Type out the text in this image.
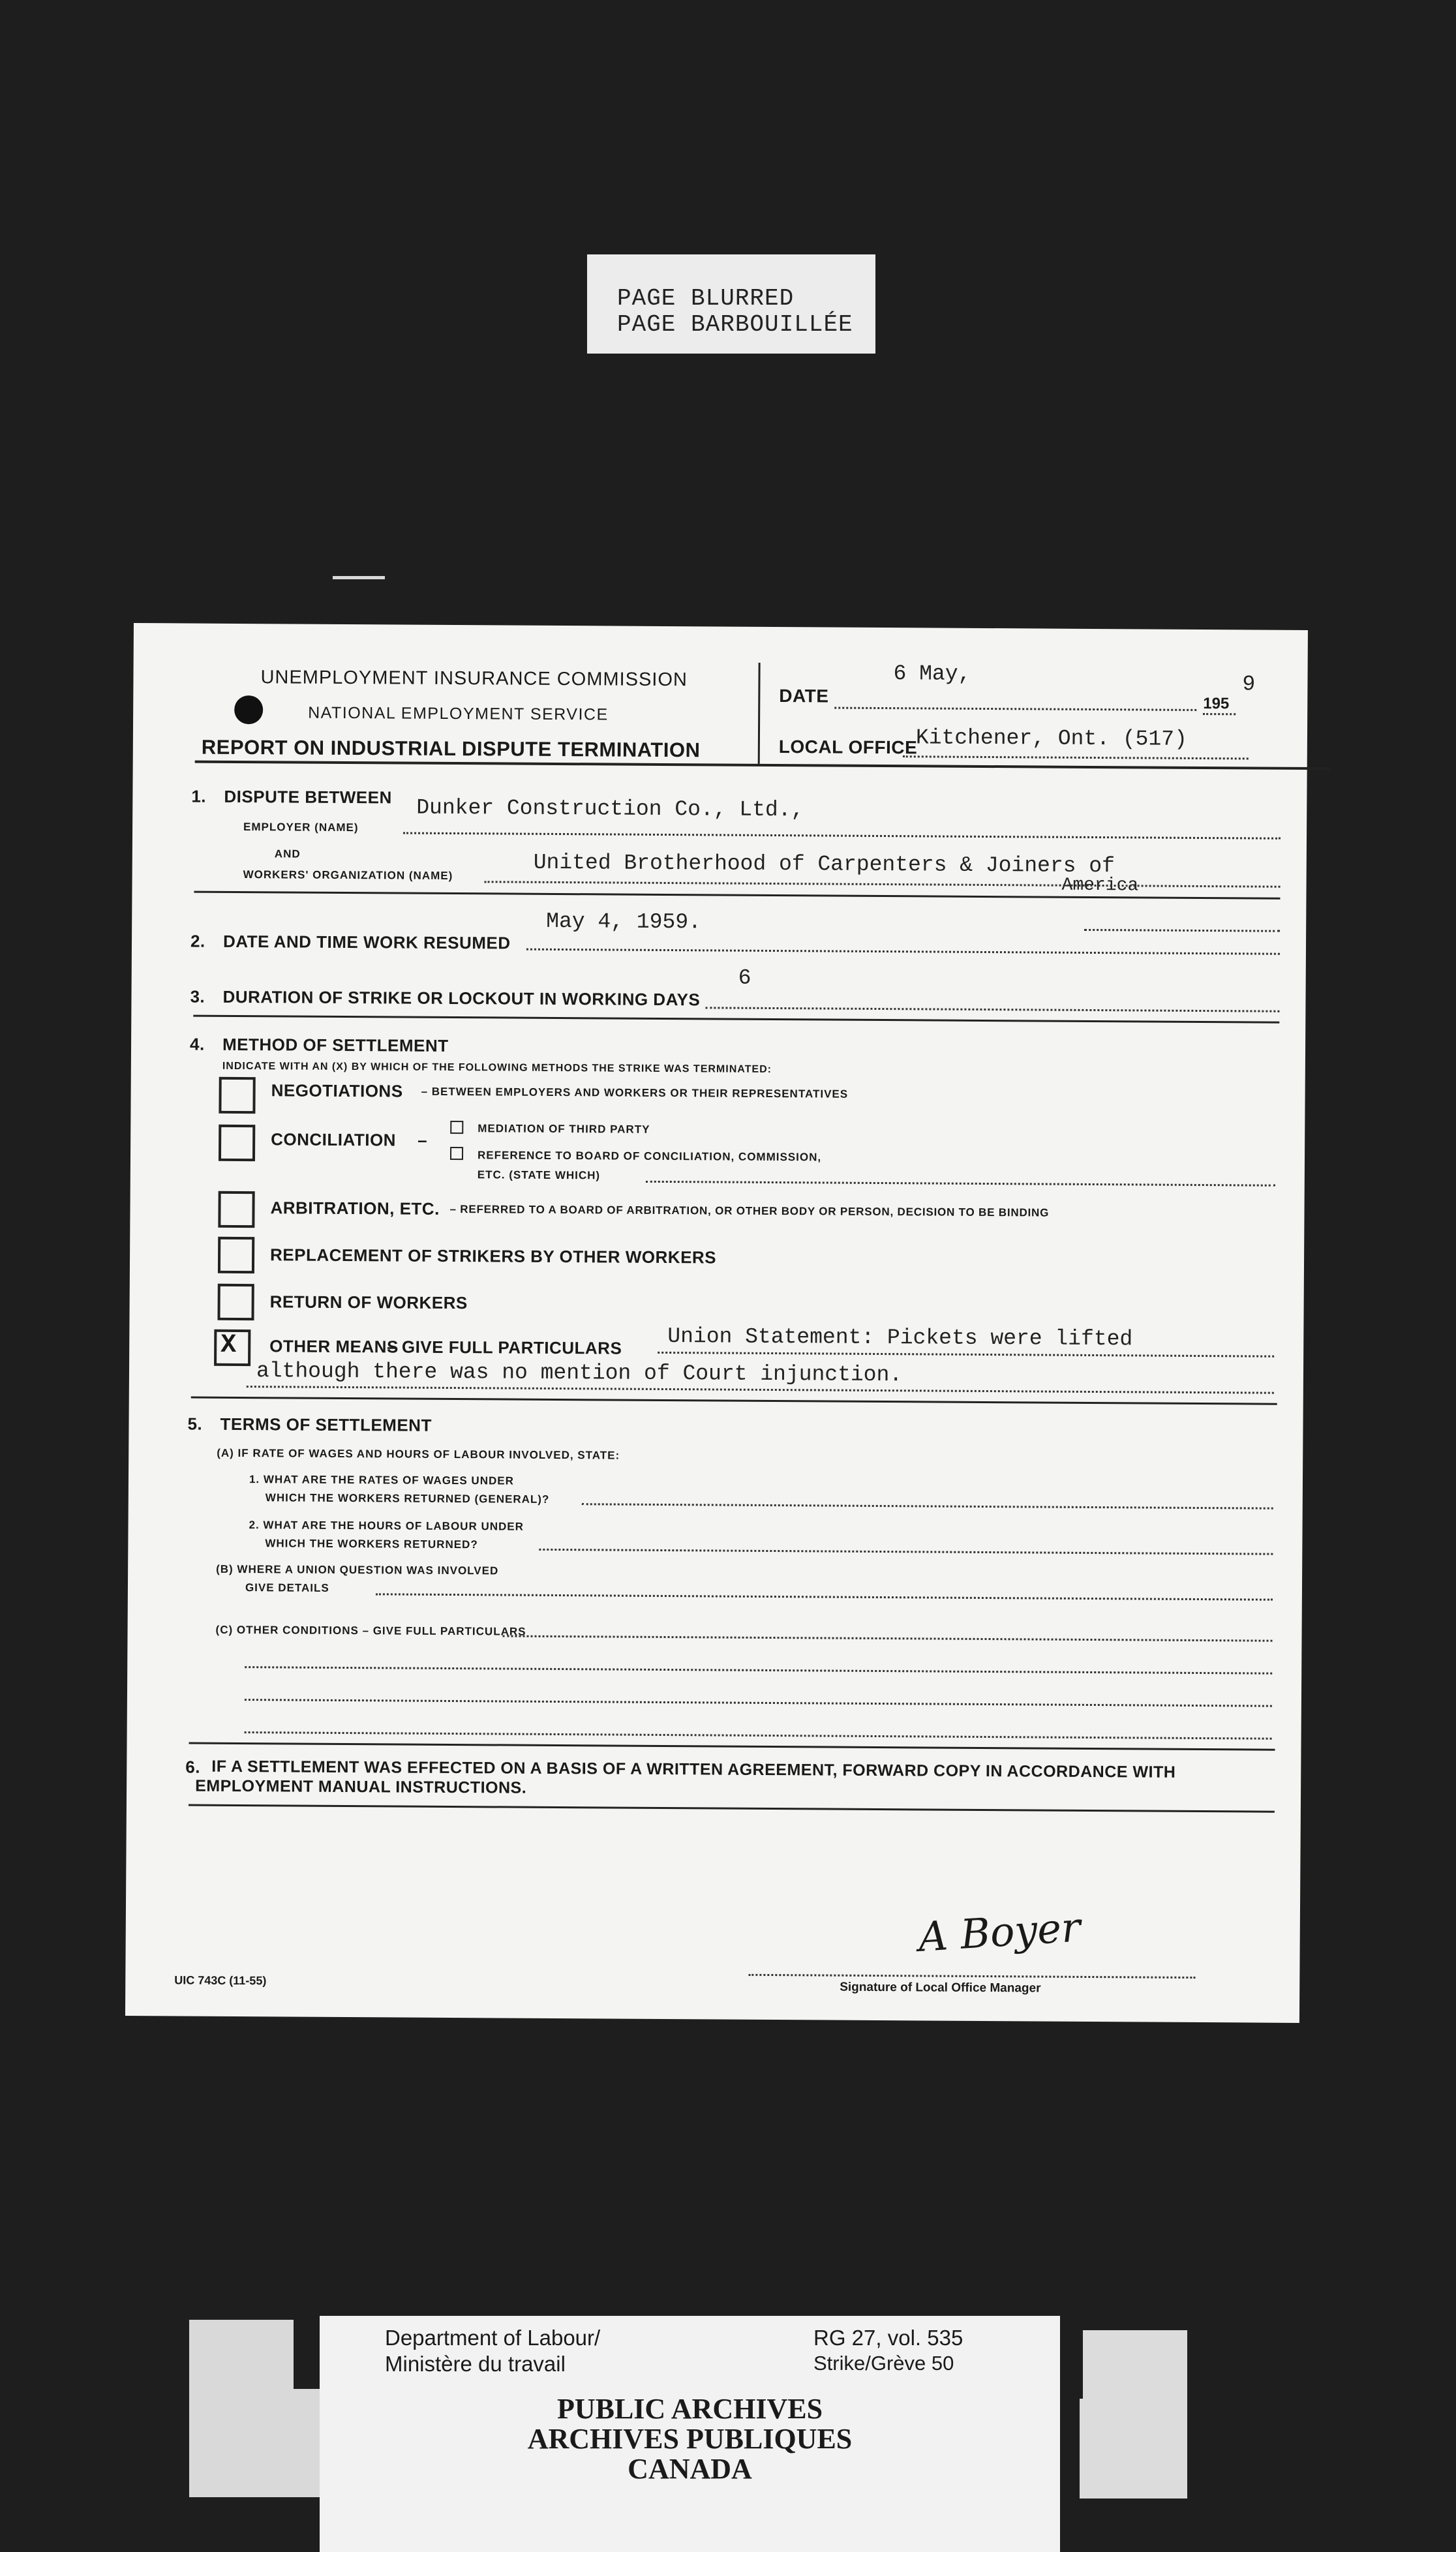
PAGE BLURRED
PAGE BARBOUILLÉE
UNEMPLOYMENT INSURANCE COMMISSION
NATIONAL EMPLOYMENT SERVICE
REPORT ON INDUSTRIAL DISPUTE TERMINATION
DATE
6 May,
195
9
LOCAL OFFICE
Kitchener, Ont. (517)
1. DISPUTE BETWEEN
EMPLOYER (NAME)
Dunker Construction Co., Ltd.,
AND
WORKERS' ORGANIZATION (NAME)	United Brotherhood of Carpenters & Joiners of
America
2. DATE AND TIME WORK RESUMED
May 4, 1959.
3. DURATION OF STRIKE OR LOCKOUT IN WORKING DAYS
6
4. METHOD OF SETTLEMENT
INDICATE WITH AN (X) BY WHICH OF THE FOLLOWING METHODS THE STRIKE WAS TERMINATED:
NEGOTIATIONS – BETWEEN EMPLOYERS AND WORKERS OR THEIR REPRESENTATIVES
CONCILIATION –
MEDIATION OF THIRD PARTY
REFERENCE TO BOARD OF CONCILIATION, COMMISSION,
ETC. (STATE WHICH)
ARBITRATION, ETC. – REFERRED TO A BOARD OF ARBITRATION, OR OTHER BODY OR PERSON, DECISION TO BE BINDING
REPLACEMENT OF STRIKERS BY OTHER WORKERS
RETURN OF WORKERS
X OTHER MEANS
– GIVE FULL PARTICULARS Union Statement: Pickets were lifted
although there was no mention of Court injunction.
5. TERMS OF SETTLEMENT
(A) IF RATE OF WAGES AND HOURS OF LABOUR INVOLVED, STATE:
1. WHAT ARE THE RATES OF WAGES UNDER
WHICH THE WORKERS RETURNED (GENERAL)?
2. WHAT ARE THE HOURS OF LABOUR UNDER
WHICH THE WORKERS RETURNED?
(B) WHERE A UNION QUESTION WAS INVOLVED
GIVE DETAILS
(C) OTHER CONDITIONS – GIVE FULL PARTICULARS
6. IF A SETTLEMENT WAS EFFECTED ON A BASIS OF A WRITTEN AGREEMENT, FORWARD COPY IN ACCORDANCE WITH
EMPLOYMENT MANUAL INSTRUCTIONS.
UIC 743C (11-55)
A Boyer
Signature of Local Office Manager
Department of Labour/
Ministère du travail
RG 27, vol. 535
Strike/Grève 50
PUBLIC ARCHIVES
ARCHIVES PUBLIQUES
CANADA
